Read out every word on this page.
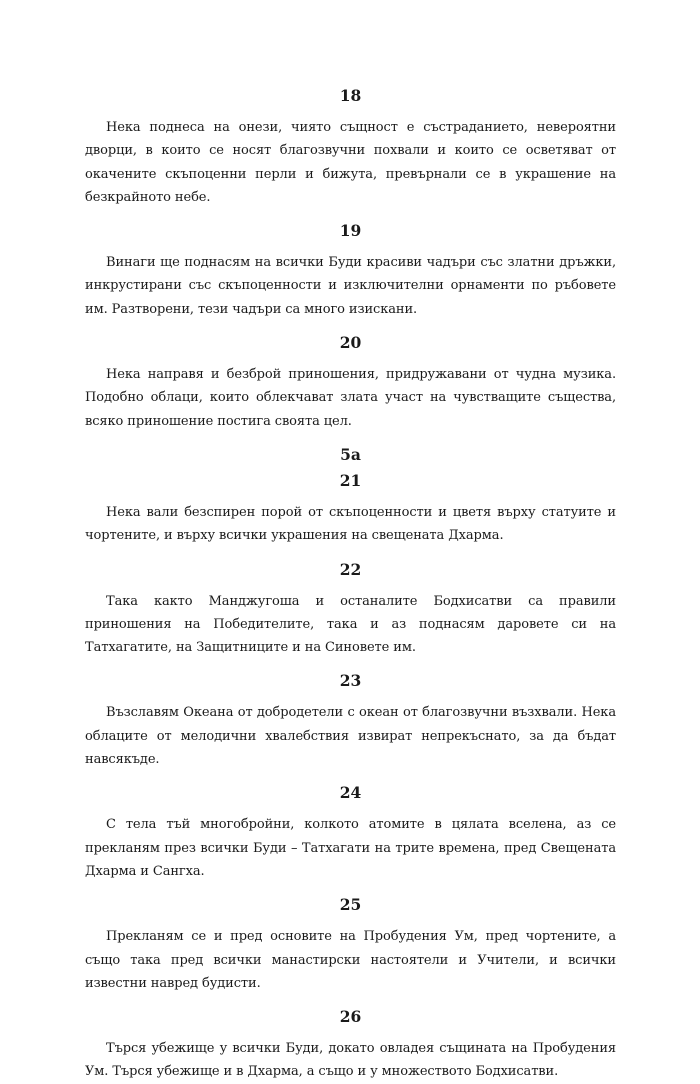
18

Нека поднеса на онези, чиято същност е състраданието, невероятни дворци, в които се носят благозвучни похвали и които се осветяват от окачените скъпоценни перли и бижута, превърнали се в украшение на безкрайното небе.

19

Винаги ще поднасям на всички Буди красиви чадъри със златни дръжки, инкрустирани със скъпоценности и изключителни орнаменти по ръбовете им. Разтворени, тези чадъри са много изискани.

20

Нека направя и безброй приношения, придружавани от чудна музика. Подобно облаци, които облекчават злата участ на чувстващите същества, всяко приношение постига своята цел.

5a
21

Нека вали безспирен порой от скъпоценности и цветя върху статуите и чортените, и върху всички украшения на свещената Дхарма.

22

Така както Манджугоша и останалите Бодхисатви са правили приношения на Победителите, така и аз поднасям даровете си на Татхагатите, на Защитниците и на Синовете им.

23

Възславям Океана от добродетели с океан от благозвучни възхвали. Нека облаците от мелодични хвалебствия извират непрекъснато, за да бъдат навсякъде.

24

С тела тъй многобройни, колкото атомите в цялата вселена, аз се прекланям през всички Буди – Татхагати на трите времена, пред Свещената Дхарма и Сангха.

25

Прекланям се и пред основите на Пробудения Ум, пред чортените, а също така пред всички манастирски настоятели и Учители, и всички известни навред будисти.

26

Търся убежище у всички Буди, докато овладея същината на Пробудения Ум. Търся убежище и в Дхарма, а също и у множеството Бодхисатви.
